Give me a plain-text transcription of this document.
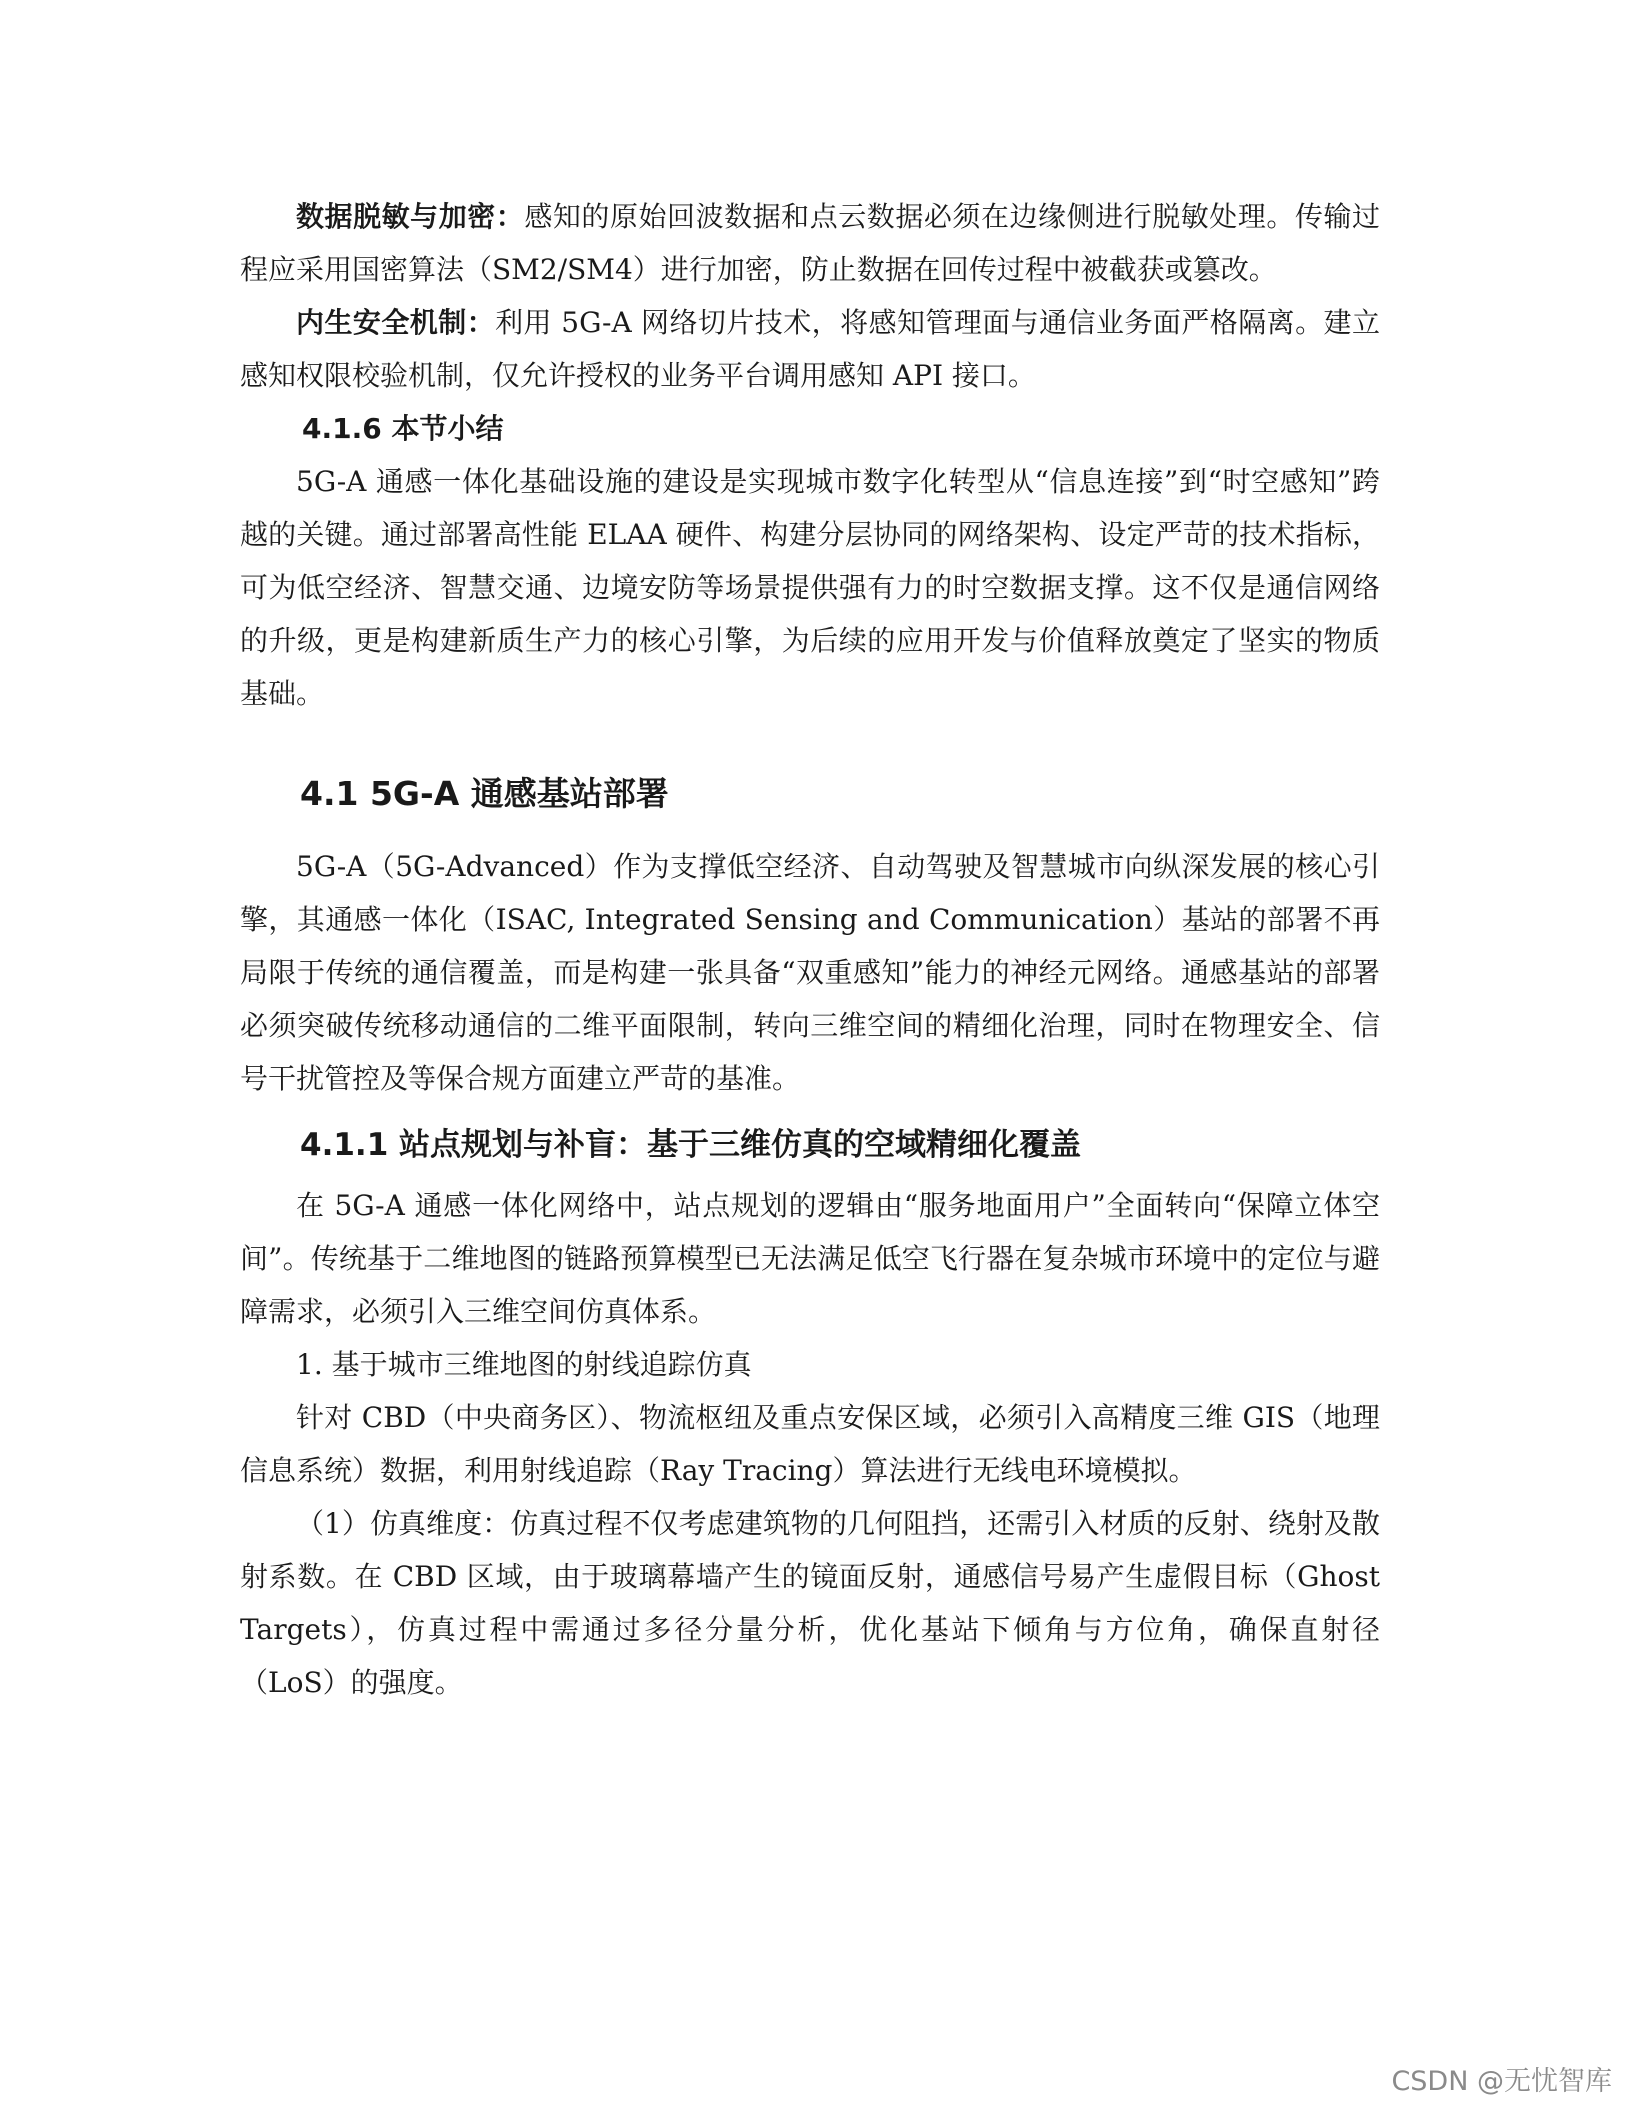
数据脱敏与加密：感知的原始回波数据和点云数据必须在边缘侧进行脱敏处理。传输过程应采用国密算法（SM2/SM4）进行加密，防止数据在回传过程中被截获或篡改。

内生安全机制：利用 5G-A 网络切片技术，将感知管理面与通信业务面严格隔离。建立感知权限校验机制，仅允许授权的业务平台调用感知 API 接口。

4.1.6 本节小结

5G-A 通感一体化基础设施的建设是实现城市数字化转型从“信息连接”到“时空感知”跨越的关键。通过部署高性能 ELAA 硬件、构建分层协同的网络架构、设定严苛的技术指标，可为低空经济、智慧交通、边境安防等场景提供强有力的时空数据支撑。这不仅是通信网络的升级，更是构建新质生产力的核心引擎，为后续的应用开发与价值释放奠定了坚实的物质基础。

4.1 5G-A 通感基站部署

5G-A（5G-Advanced）作为支撑低空经济、自动驾驶及智慧城市向纵深发展的核心引擎，其通感一体化（ISAC, Integrated Sensing and Communication）基站的部署不再局限于传统的通信覆盖，而是构建一张具备“双重感知”能力的神经元网络。通感基站的部署必须突破传统移动通信的二维平面限制，转向三维空间的精细化治理，同时在物理安全、信号干扰管控及等保合规方面建立严苛的基准。

4.1.1 站点规划与补盲：基于三维仿真的空域精细化覆盖

在 5G-A 通感一体化网络中，站点规划的逻辑由“服务地面用户”全面转向“保障立体空间”。传统基于二维地图的链路预算模型已无法满足低空飞行器在复杂城市环境中的定位与避障需求，必须引入三维空间仿真体系。

1. 基于城市三维地图的射线追踪仿真

针对 CBD（中央商务区）、物流枢纽及重点安保区域，必须引入高精度三维 GIS（地理信息系统）数据，利用射线追踪（Ray Tracing）算法进行无线电环境模拟。

（1）仿真维度：仿真过程不仅考虑建筑物的几何阻挡，还需引入材质的反射、绕射及散射系数。在 CBD 区域，由于玻璃幕墙产生的镜面反射，通感信号易产生虚假目标（Ghost Targets），仿真过程中需通过多径分量分析，优化基站下倾角与方位角，确保直射径（LoS）的强度。

CSDN @无忧智库
